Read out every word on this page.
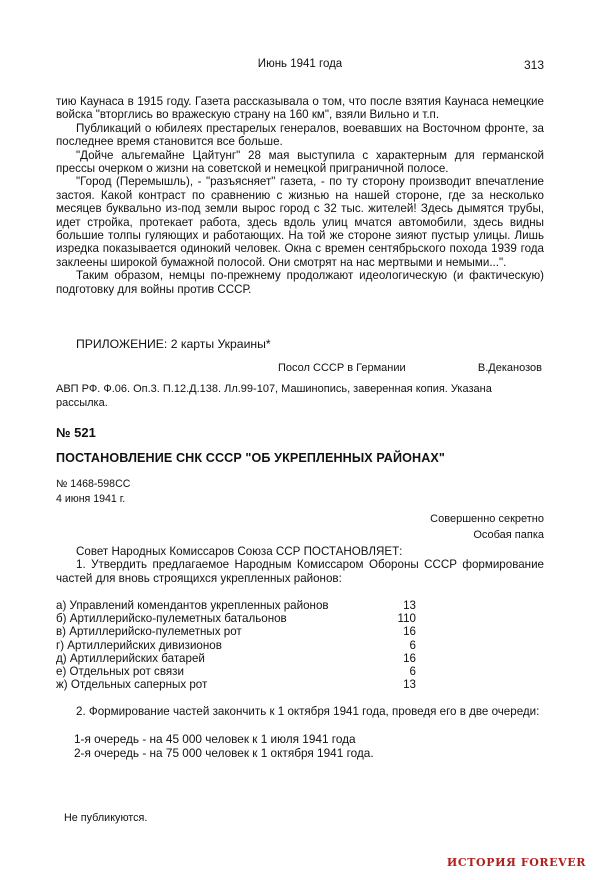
Июнь 1941 года	313

тию Каунаса в 1915 году. Газета рассказывала о том, что после взятия Каунаса немецкие войска "вторглись во вражескую страну на 160 км", взяли Вильно и т.п.

Публикаций о юбилеях престарелых генералов, воевавших на Восточном фронте, за последнее время становится все больше.

"Дойче альгемайне Цайтунг" 28 мая выступила с характерным для германской прессы очерком о жизни на советской и немецкой приграничной полосе.

"Город (Перемышль), - "разъясняет" газета, - по ту сторону производит впечатление застоя. Какой контраст по сравнению с жизнью на нашей стороне, где за несколько месяцев буквально из-под земли вырос город с 32 тыс. жителей! Здесь дымятся трубы, идет стройка, протекает работа, здесь вдоль улиц мчатся автомобили, здесь видны большие толпы гуляющих и работающих. На той же стороне зияют пустыр улицы. Лишь изредка показывается одинокий человек. Окна с времен сентябрьского похода 1939 года заклеены широкой бумажной полосой. Они смотрят на нас мертвыми и немыми...".

Таким образом, немцы по-прежнему продолжают идеологическую (и фактическую) подготовку для войны против СССР.

ПРИЛОЖЕНИЕ: 2 карты Украины*
Посол СССР в Германии	В.Деканозов
АВП РФ. Ф.06. Оп.3. П.12.Д.138. Лл.99-107, Машинопись, заверенная копия. Указана рассылка.
№ 521
ПОСТАНОВЛЕНИЕ СНК СССР "ОБ УКРЕПЛЕННЫХ РАЙОНАХ"
№ 1468-598СС
4 июня 1941 г.
Совершенно секретно
Особая папка

Совет Народных Комиссаров Союза ССР ПОСТАНОВЛЯЕТ:

1. Утвердить предлагаемое Народным Комиссаром Обороны СССР формирование частей для вновь строящихся укрепленных районов:

а) Управлений комендантов укрепленных районов	13
б) Артиллерийско-пулеметных батальонов	110
в) Артиллерийско-пулеметных рот	16
г) Артиллерийских дивизионов	6
д) Артиллерийских батарей	16
е) Отдельных рот связи	6
ж) Отдельных саперных рот	13

2. Формирование частей закончить к 1 октября 1941 года, проведя его в две очереди:

1-я очередь - на 45 000 человек к 1 июля 1941 года
2-я очередь - на 75 000 человек к 1 октября 1941 года.
Не публикуются.
ИСТОРИЯ FOREVER
